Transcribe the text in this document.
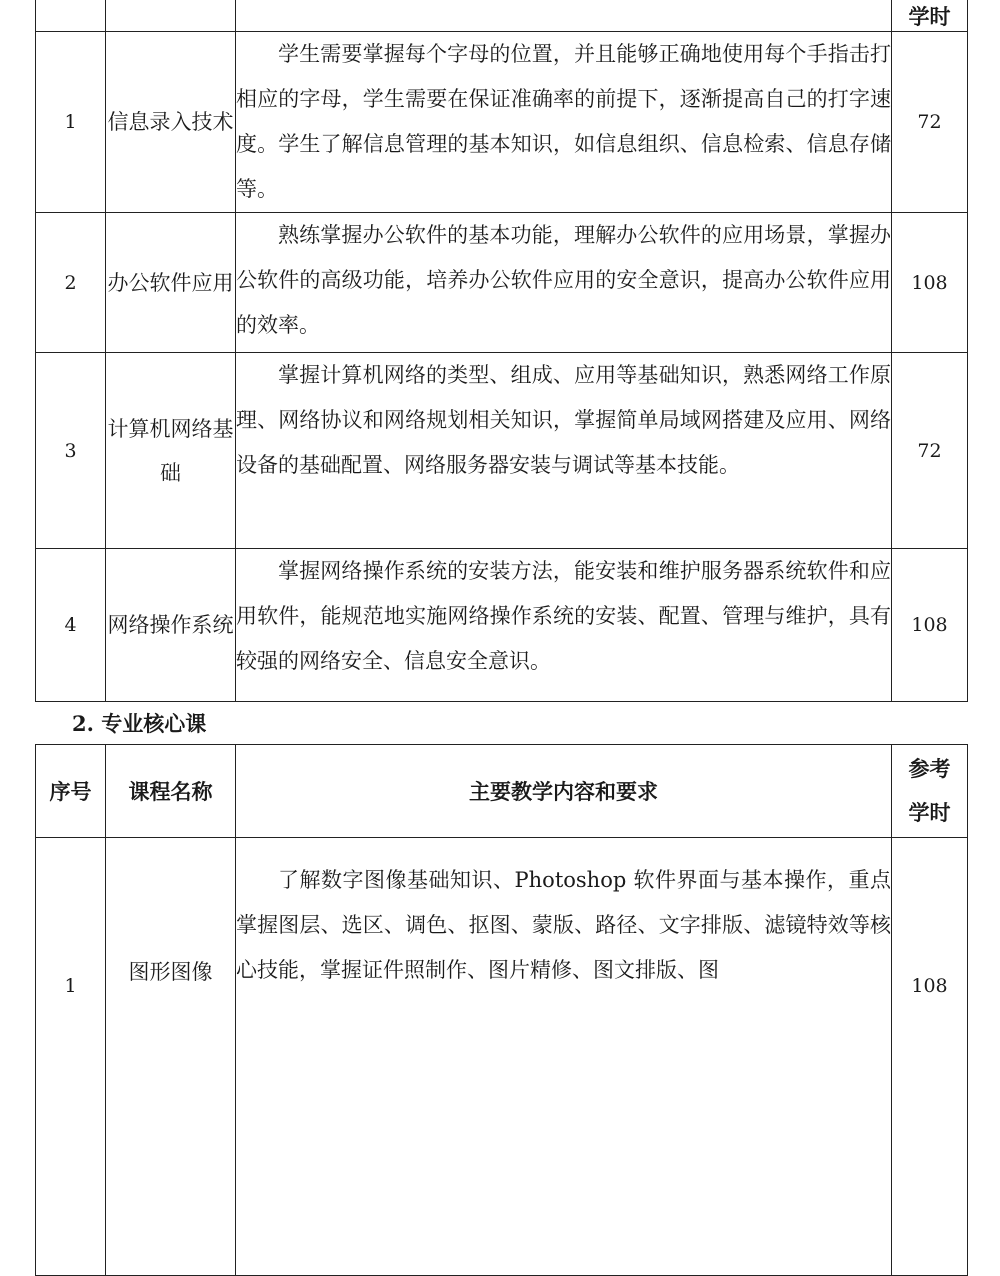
			学时
1	信息录入技术	学生需要掌握每个字母的位置，并且能够正确地使用每个手指击打相应的字母，学生需要在保证准确率的前提下，逐渐提高自己的打字速度。学生了解信息管理的基本知识，如信息组织、信息检索、信息存储等。	72
2	办公软件应用	熟练掌握办公软件的基本功能，理解办公软件的应用场景，掌握办公软件的高级功能，培养办公软件应用的安全意识，提高办公软件应用的效率。	108
3	计算机网络基础	掌握计算机网络的类型、组成、应用等基础知识，熟悉网络工作原理、网络协议和网络规划相关知识，掌握简单局域网搭建及应用、网络设备的基础配置、网络服务器安装与调试等基本技能。	72
4	网络操作系统	掌握网络操作系统的安装方法，能安装和维护服务器系统软件和应用软件，能规范地实施网络操作系统的安装、配置、管理与维护，具有较强的网络安全、信息安全意识。	108
2. 专业核心课
序号	课程名称	主要教学内容和要求	参考
学时
1	图形图像	了解数字图像基础知识、Photoshop 软件界面与基本操作，重点掌握图层、选区、调色、抠图、蒙版、路径、文字排版、滤镜特效等核心技能，掌握证件照制作、图片精修、图文排版、图	108
